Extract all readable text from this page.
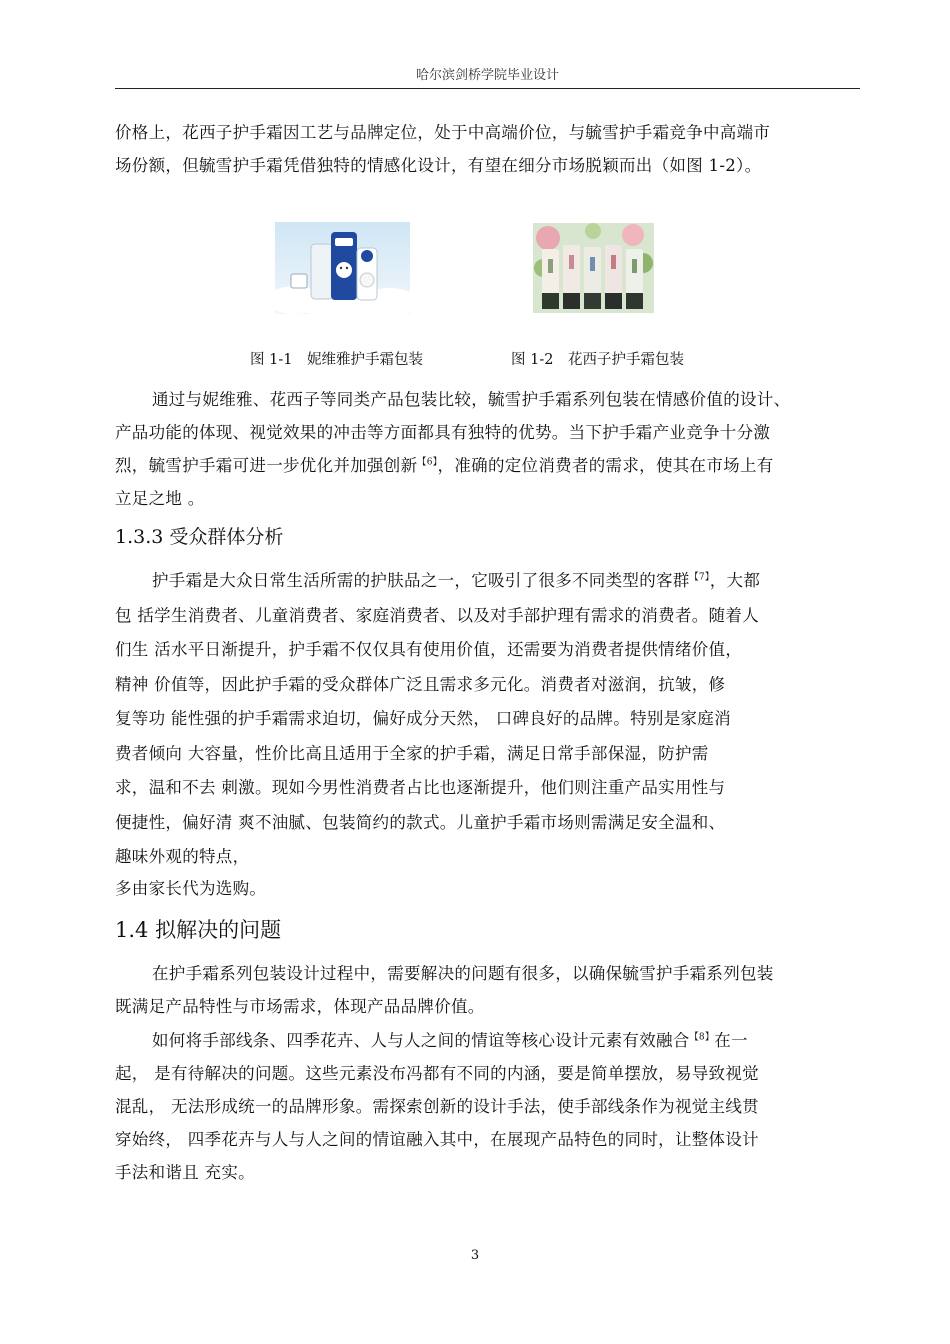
哈尔滨剑桥学院毕业设计

价格上，花西子护手霜因工艺与品牌定位，处于中高端价位，与毓雪护手霜竞争中高端市
场份额，但毓雪护手霜凭借独特的情感化设计，有望在细分市场脱颖而出（如图 1-2）。

图 1-1　妮维雅护手霜包装	图 1-2　花西子护手霜包装

通过与妮维雅、花西子等同类产品包装比较，毓雪护手霜系列包装在情感价值的设计、
产品功能的体现、视觉效果的冲击等方面都具有独特的优势。当下护手霜产业竞争十分激
烈，毓雪护手霜可进一步优化并加强创新$^{【6】}$，准确的定位消费者的需求，使其在市场上有
立足之地 。

1.3.3 受众群体分析

护手霜是大众日常生活所需的护肤品之一，它吸引了很多不同类型的客群$^{【7】}$，大都
包 括学生消费者、儿童消费者、家庭消费者、以及对手部护理有需求的消费者。随着人
们生 活水平日渐提升，护手霜不仅仅具有使用价值，还需要为消费者提供情绪价值，
精神 价值等，因此护手霜的受众群体广泛且需求多元化。消费者对滋润，抗皱，修
复等功 能性强的护手霜需求迫切，偏好成分天然， 口碑良好的品牌。特别是家庭消
费者倾向 大容量，性价比高且适用于全家的护手霜，满足日常手部保湿，防护需
求，温和不去 刺激。现如今男性消费者占比也逐渐提升，他们则注重产品实用性与
便捷性，偏好清 爽不油腻、包装简约的款式。儿童护手霜市场则需满足安全温和、
趣味外观的特点，
多由家长代为选购。

1.4 拟解决的问题

在护手霜系列包装设计过程中，需要解决的问题有很多，以确保毓雪护手霜系列包装
既满足产品特性与市场需求，体现产品品牌价值。

如何将手部线条、四季花卉、人与人之间的情谊等核心设计元素有效融合$^{【8】}$在一
起， 是有待解决的问题。这些元素没布冯都有不同的内涵，要是简单摆放，易导致视觉
混乱， 无法形成统一的品牌形象。需探索创新的设计手法，使手部线条作为视觉主线贯
穿始终， 四季花卉与人与人之间的情谊融入其中，在展现产品特色的同时，让整体设计
手法和谐且 充实。

3
